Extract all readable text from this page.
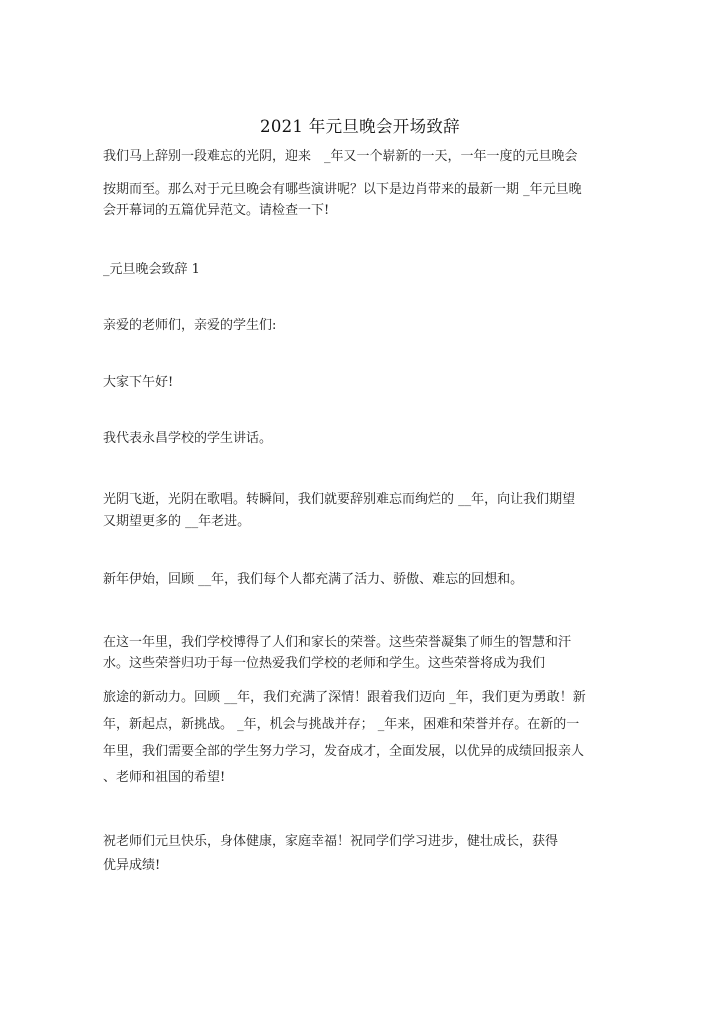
2021 年元旦晚会开场致辞
我们马上辞别一段难忘的光阴，迎来　_年又一个崭新的一天，一年一度的元旦晚会
按期而至。那么对于元旦晚会有哪些演讲呢？以下是边肖带来的最新一期 _年元旦晚
会开幕词的五篇优异范文。请检查一下!
_元旦晚会致辞 1
亲爱的老师们，亲爱的学生们:
大家下午好!
我代表永昌学校的学生讲话。
光阴飞逝，光阴在歌唱。转瞬间，我们就要辞别难忘而绚烂的 __年，向让我们期望
又期望更多的 __年老进。
新年伊始，回顾 __年，我们每个人都充满了活力、骄傲、难忘的回想和。
在这一年里，我们学校博得了人们和家长的荣誉。这些荣誉凝集了师生的智慧和汗
水。这些荣誉归功于每一位热爱我们学校的老师和学生。这些荣誉将成为我们
旅途的新动力。回顾 __年，我们充满了深情！跟着我们迈向 _年，我们更为勇敢！新
年，新起点，新挑战。 _年，机会与挑战并存； _年来，困难和荣誉并存。在新的一
年里，我们需要全部的学生努力学习，发奋成才，全面发展，以优异的成绩回报亲人
、老师和祖国的希望!
祝老师们元旦快乐，身体健康，家庭幸福！祝同学们学习进步，健壮成长，获得
优异成绩!
